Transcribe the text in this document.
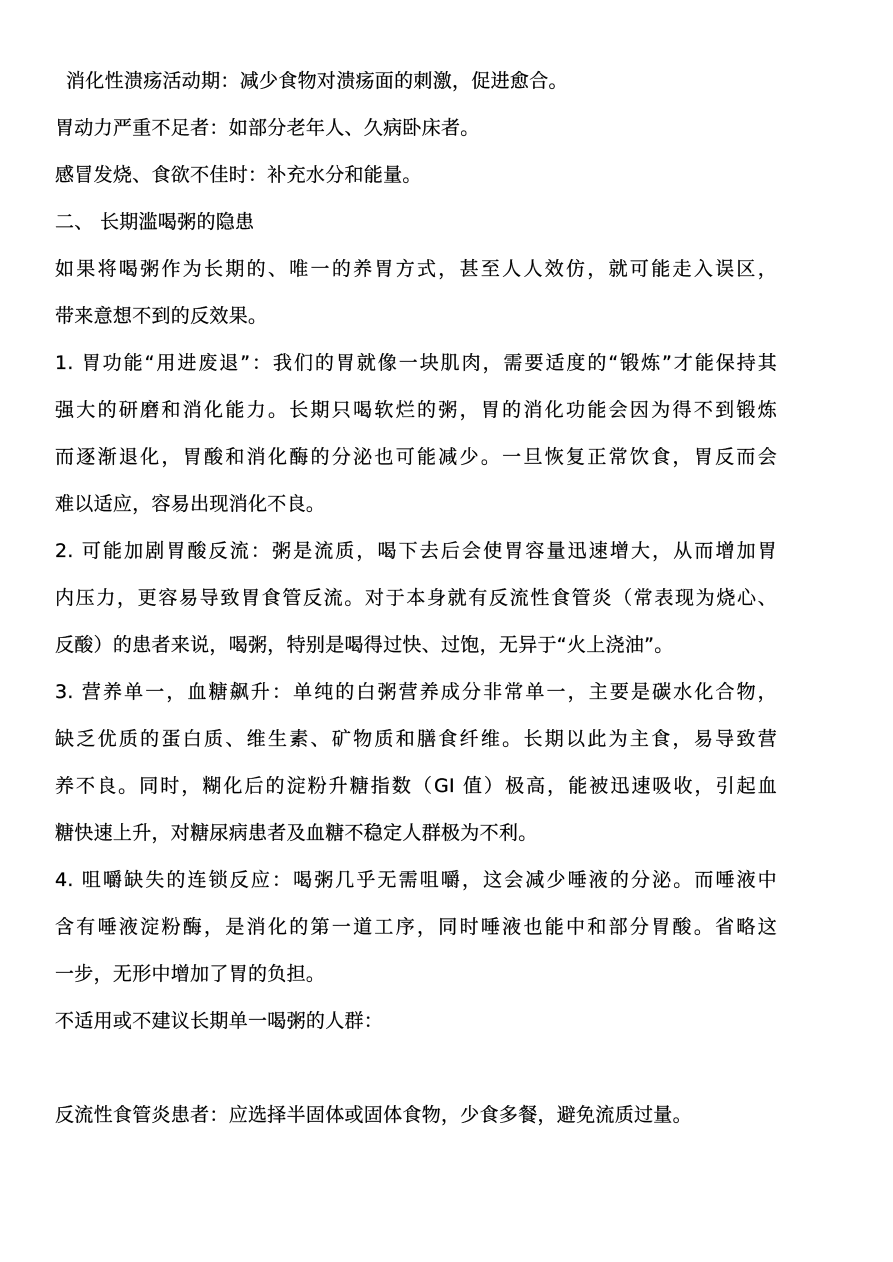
消化性溃疡活动期：减少食物对溃疡面的刺激，促进愈合。
胃动力严重不足者：如部分老年人、久病卧床者。
感冒发烧、食欲不佳时：补充水分和能量。
二、 长期滥喝粥的隐患
如果将喝粥作为长期的、唯一的养胃方式，甚至人人效仿，就可能走入误区，
带来意想不到的反效果。
1. 胃功能“用进废退”：我们的胃就像一块肌肉，需要适度的“锻炼”才能保持其
强大的研磨和消化能力。长期只喝软烂的粥，胃的消化功能会因为得不到锻炼
而逐渐退化，胃酸和消化酶的分泌也可能减少。一旦恢复正常饮食，胃反而会
难以适应，容易出现消化不良。
2. 可能加剧胃酸反流：粥是流质，喝下去后会使胃容量迅速增大，从而增加胃
内压力，更容易导致胃食管反流。对于本身就有反流性食管炎（常表现为烧心、
反酸）的患者来说，喝粥，特别是喝得过快、过饱，无异于“火上浇油”。
3. 营养单一，血糖飙升：单纯的白粥营养成分非常单一，主要是碳水化合物，
缺乏优质的蛋白质、维生素、矿物质和膳食纤维。长期以此为主食，易导致营
养不良。同时，糊化后的淀粉升糖指数（GI 值）极高，能被迅速吸收，引起血
糖快速上升，对糖尿病患者及血糖不稳定人群极为不利。
4. 咀嚼缺失的连锁反应：喝粥几乎无需咀嚼，这会减少唾液的分泌。而唾液中
含有唾液淀粉酶，是消化的第一道工序，同时唾液也能中和部分胃酸。省略这
一步，无形中增加了胃的负担。
不适用或不建议长期单一喝粥的人群：
反流性食管炎患者：应选择半固体或固体食物，少食多餐，避免流质过量。
